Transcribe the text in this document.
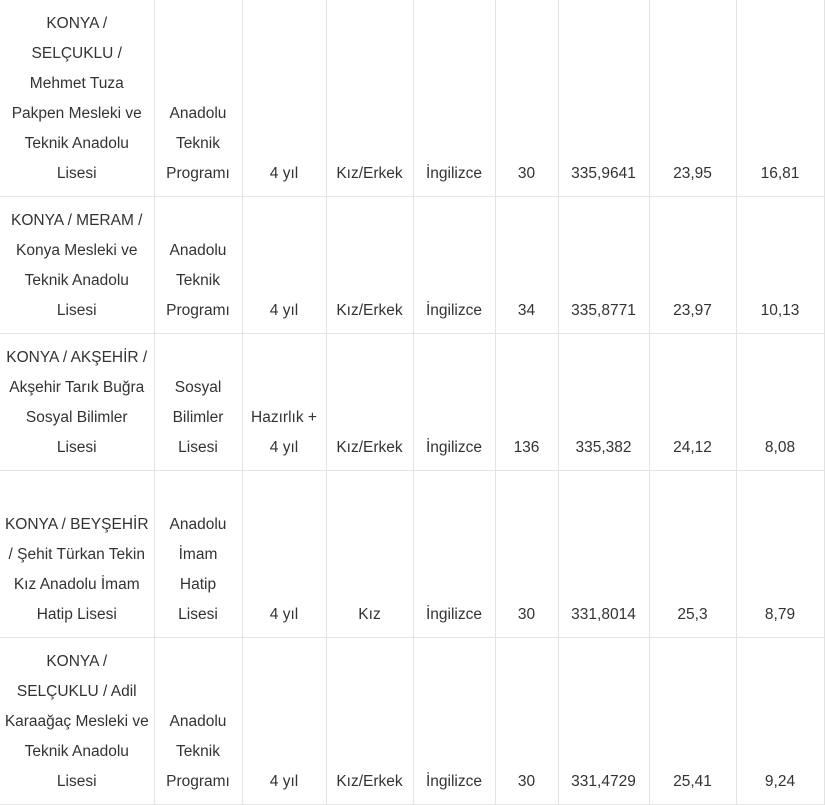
KONYA / SELÇUKLU / Mehmet Tuza Pakpen Mesleki ve Teknik Anadolu Lisesi	Anadolu Teknik Programı	4 yıl	Kız/Erkek	İngilizce	30	335,9641	23,95	16,81
KONYA / MERAM / Konya Mesleki ve Teknik Anadolu Lisesi	Anadolu Teknik Programı	4 yıl	Kız/Erkek	İngilizce	34	335,8771	23,97	10,13
KONYA / AKŞEHİR / Akşehir Tarık Buğra Sosyal Bilimler Lisesi	Sosyal Bilimler Lisesi	Hazırlık + 4 yıl	Kız/Erkek	İngilizce	136	335,382	24,12	8,08
KONYA / BEYŞEHİR / Şehit Türkan Tekin Kız Anadolu İmam Hatip Lisesi	Anadolu İmam Hatip Lisesi	4 yıl	Kız	İngilizce	30	331,8014	25,3	8,79
KONYA / SELÇUKLU / Adil Karaağaç Mesleki ve Teknik Anadolu Lisesi	Anadolu Teknik Programı	4 yıl	Kız/Erkek	İngilizce	30	331,4729	25,41	9,24
